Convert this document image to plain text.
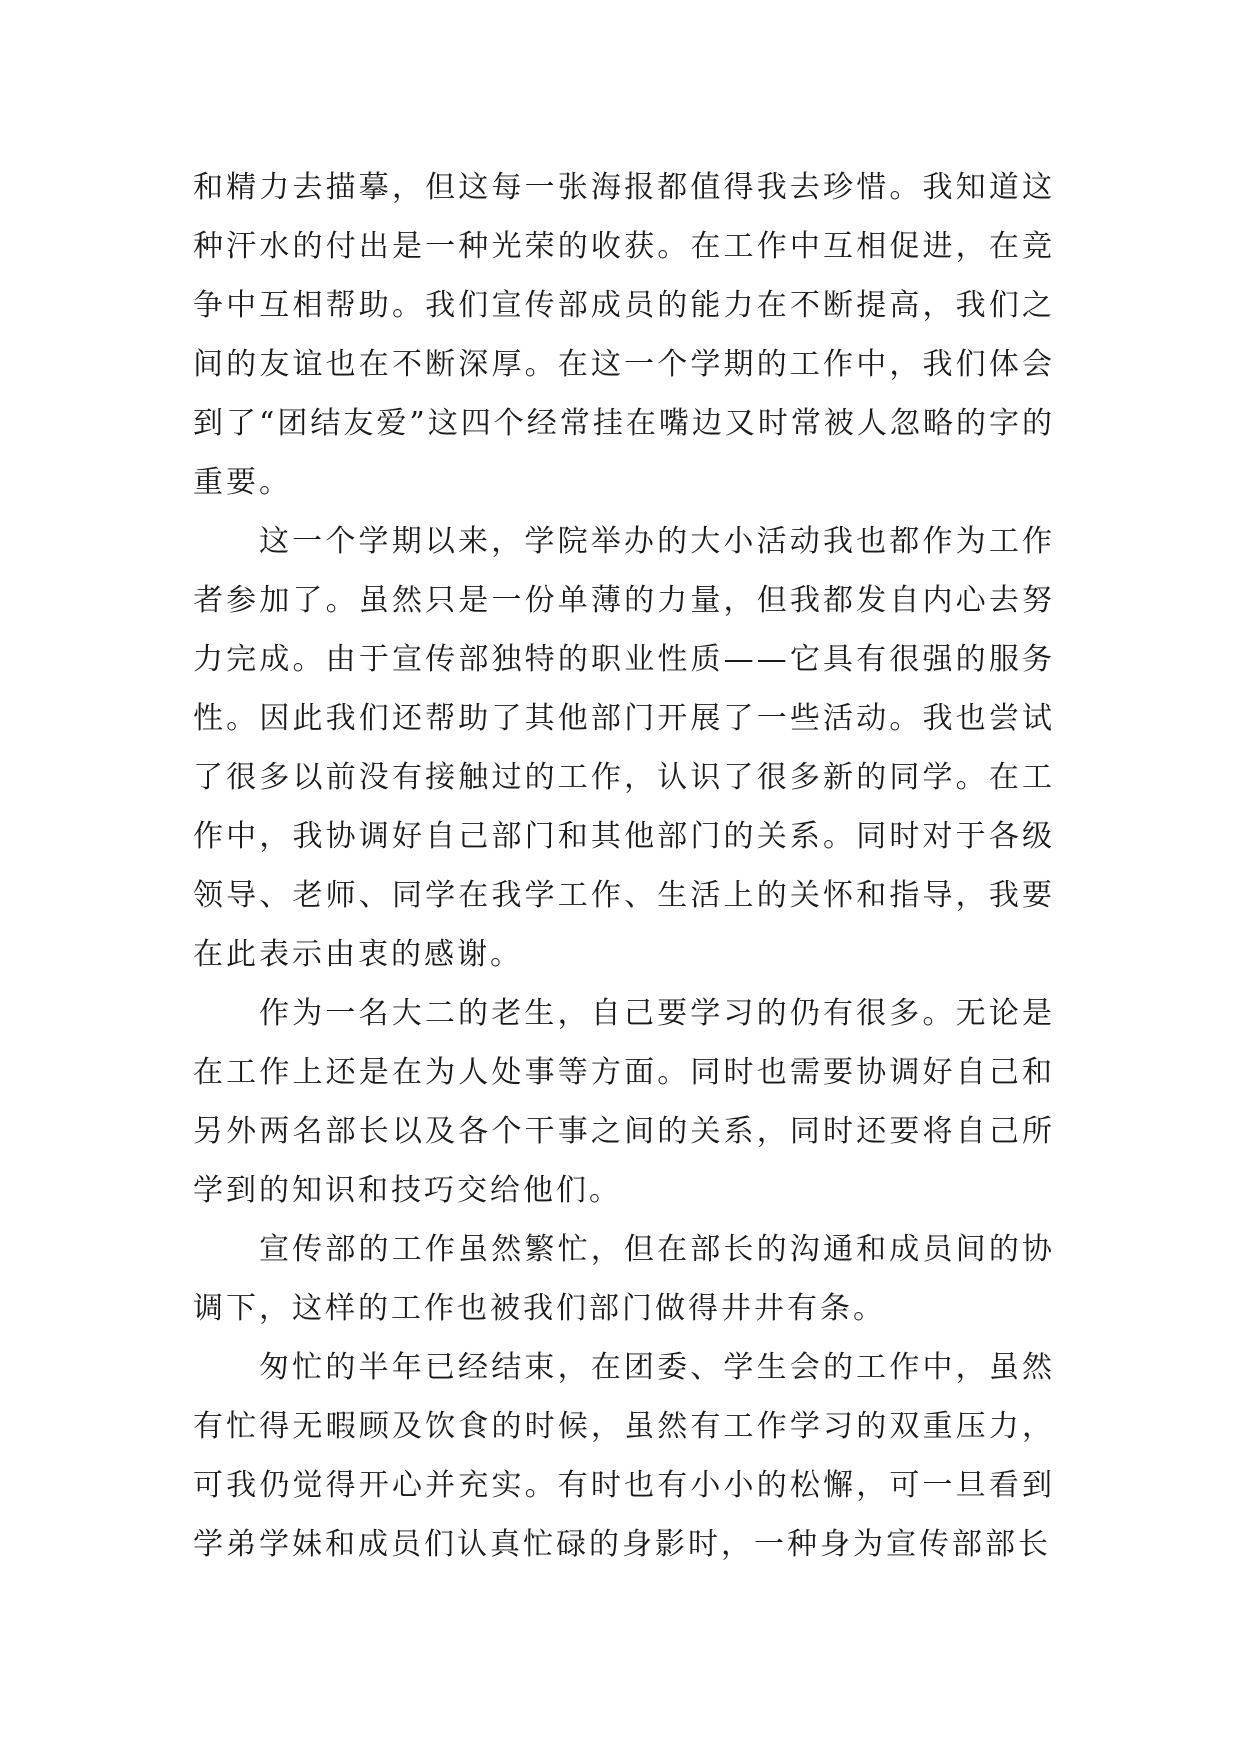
和精力去描摹，但这每一张海报都值得我去珍惜。我知道这种汗水的付出是一种光荣的收获。在工作中互相促进，在竞争中互相帮助。我们宣传部成员的能力在不断提高，我们之间的友谊也在不断深厚。在这一个学期的工作中，我们体会到了“团结友爱”这四个经常挂在嘴边又时常被人忽略的字的重要。

这一个学期以来，学院举办的大小活动我也都作为工作者参加了。虽然只是一份单薄的力量，但我都发自内心去努力完成。由于宣传部独特的职业性质——它具有很强的服务性。因此我们还帮助了其他部门开展了一些活动。我也尝试了很多以前没有接触过的工作，认识了很多新的同学。在工作中，我协调好自己部门和其他部门的关系。同时对于各级领导、老师、同学在我学工作、生活上的关怀和指导，我要在此表示由衷的感谢。

作为一名大二的老生，自己要学习的仍有很多。无论是在工作上还是在为人处事等方面。同时也需要协调好自己和另外两名部长以及各个干事之间的关系，同时还要将自己所学到的知识和技巧交给他们。

宣传部的工作虽然繁忙，但在部长的沟通和成员间的协调下，这样的工作也被我们部门做得井井有条。

匆忙的半年已经结束，在团委、学生会的工作中，虽然有忙得无暇顾及饮食的时候，虽然有工作学习的双重压力，可我仍觉得开心并充实。有时也有小小的松懈，可一旦看到学弟学妹和成员们认真忙碌的身影时，一种身为宣传部部长
